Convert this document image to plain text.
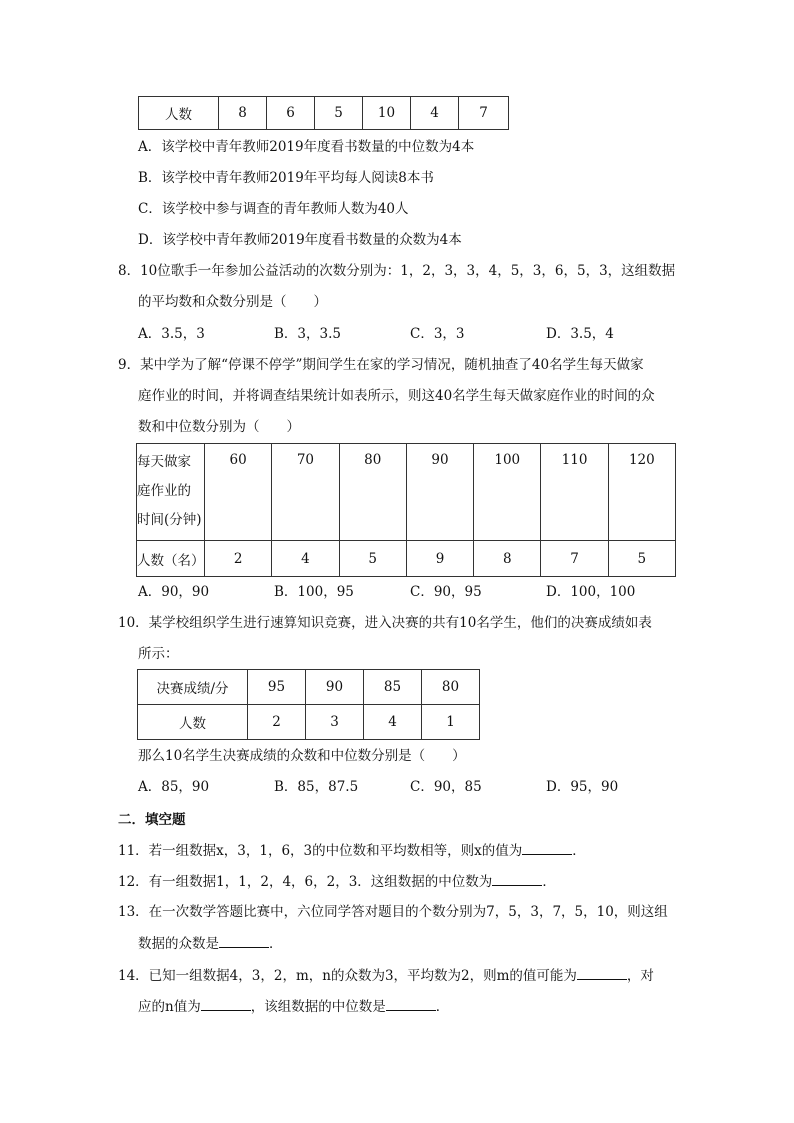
人数	8	6	5	10	4	7
A．该学校中青年教师2019年度看书数量的中位数为4本
B．该学校中青年教师2019年平均每人阅读8本书
C．该学校中参与调查的青年教师人数为40人
D．该学校中青年教师2019年度看书数量的众数为4本
8．10位歌手一年参加公益活动的次数分别为：1，2，3，3，4，5，3，6，5，3，这组数据
的平均数和众数分别是（　　）
A．3.5，3	B．3，3.5	C．3，3	D．3.5，4
9．某中学为了解“停课不停学”期间学生在家的学习情况，随机抽查了40名学生每天做家
庭作业的时间，并将调查结果统计如表所示，则这40名学生每天做家庭作业的时间的众
数和中位数分别为（　　）
每天做家
庭作业的
时间(分钟)	60	70	80	90	100	110	120
人数（名）	2	4	5	9	8	7	5
A．90，90	B．100，95	C．90，95	D．100，100
10．某学校组织学生进行速算知识竞赛，进入决赛的共有10名学生，他们的决赛成绩如表
所示：
决赛成绩/分	95	90	85	80
人数	2	3	4	1
那么10名学生决赛成绩的众数和中位数分别是（　　）
A．85，90	B．85，87.5	C．90，85	D．95，90
二．填空题
11．若一组数据x，3，1，6，3的中位数和平均数相等，则x的值为	．
12．有一组数据1，1，2，4，6，2，3．这组数据的中位数为	．
13．在一次数学答题比赛中，六位同学答对题目的个数分别为7，5，3，7，5，10，则这组
数据的众数是	．
14．已知一组数据4，3，2，m，n的众数为3，平均数为2，则m的值可能为	，对
应的n值为	，该组数据的中位数是	．
